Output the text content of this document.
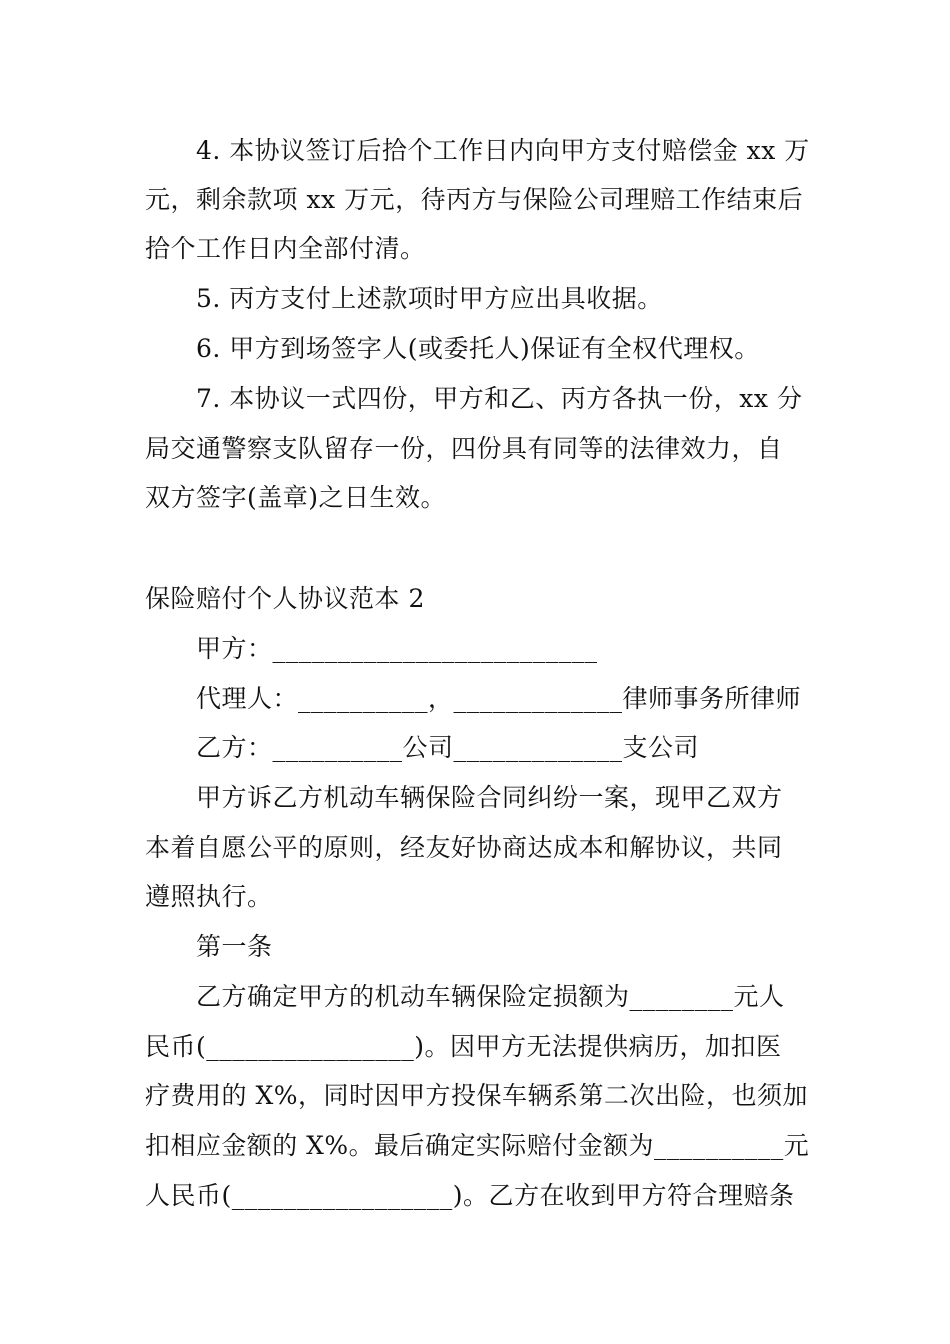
4. 本协议签订后拾个工作日内向甲方支付赔偿金 xx 万
元，剩余款项 xx 万元，待丙方与保险公司理赔工作结束后
拾个工作日内全部付清。
5. 丙方支付上述款项时甲方应出具收据。
6. 甲方到场签字人(或委托人)保证有全权代理权。
7. 本协议一式四份，甲方和乙、丙方各执一份，xx 分
局交通警察支队留存一份，四份具有同等的法律效力，自
双方签字(盖章)之日生效。
保险赔付个人协议范本 2
甲方：_________________________
代理人：__________，_____________律师事务所律师
乙方：__________公司_____________支公司
甲方诉乙方机动车辆保险合同纠纷一案，现甲乙双方
本着自愿公平的原则，经友好协商达成本和解协议，共同
遵照执行。
第一条
乙方确定甲方的机动车辆保险定损额为________元人
民币(________________)。因甲方无法提供病历，加扣医
疗费用的 X%，同时因甲方投保车辆系第二次出险，也须加
扣相应金额的 X%。最后确定实际赔付金额为__________元
人民币(_________________)。乙方在收到甲方符合理赔条
